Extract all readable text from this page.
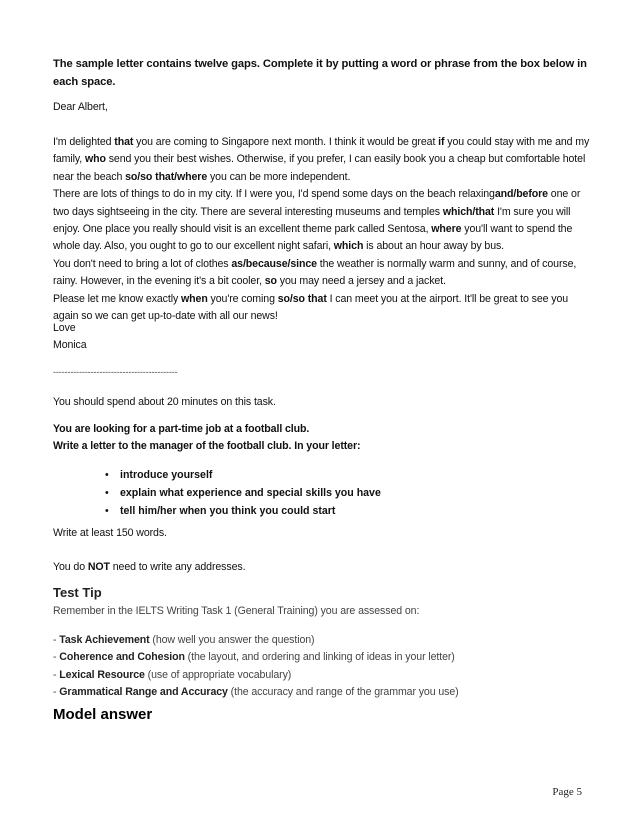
The sample letter contains twelve gaps. Complete it by putting a word or phrase from the box below in each space.
Dear Albert,

I'm delighted that you are coming to Singapore next month. I think it would be great if you could stay with me and my family, who send you their best wishes. Otherwise, if you prefer, I can easily book you a cheap but comfortable hotel near the beach so/so that/where you can be more independent.

There are lots of things to do in my city. If I were you, I'd spend some days on the beach relaxingand/before one or two days sightseeing in the city. There are several interesting museums and temples which/that I'm sure you will enjoy. One place you really should visit is an excellent theme park called Sentosa, where you'll want to spend the whole day. Also, you ought to go to our excellent night safari, which is about an hour away by bus.

You don't need to bring a lot of clothes as/because/since the weather is normally warm and sunny, and of course, rainy. However, in the evening it's a bit cooler, so you may need a jersey and a jacket.

Please let me know exactly when you're coming so/so that I can meet you at the airport. It'll be great to see you again so we can get up-to-date with all our news!

Love

Monica

-------------------------------------------
You should spend about 20 minutes on this task.

You are looking for a part-time job at a football club.

Write a letter to the manager of the football club. In your letter:

• introduce yourself
• explain what experience and special skills you have
• tell him/her when you think you could start
Write at least 150 words.
You do NOT need to write any addresses.
Test Tip
Remember in the IELTS Writing Task 1 (General Training) you are assessed on:

- Task Achievement (how well you answer the question)

- Coherence and Cohesion (the layout, and ordering and linking of ideas in your letter)

- Lexical Resource (use of appropriate vocabulary)

- Grammatical Range and Accuracy (the accuracy and range of the grammar you use)

Model answer
Page 5
